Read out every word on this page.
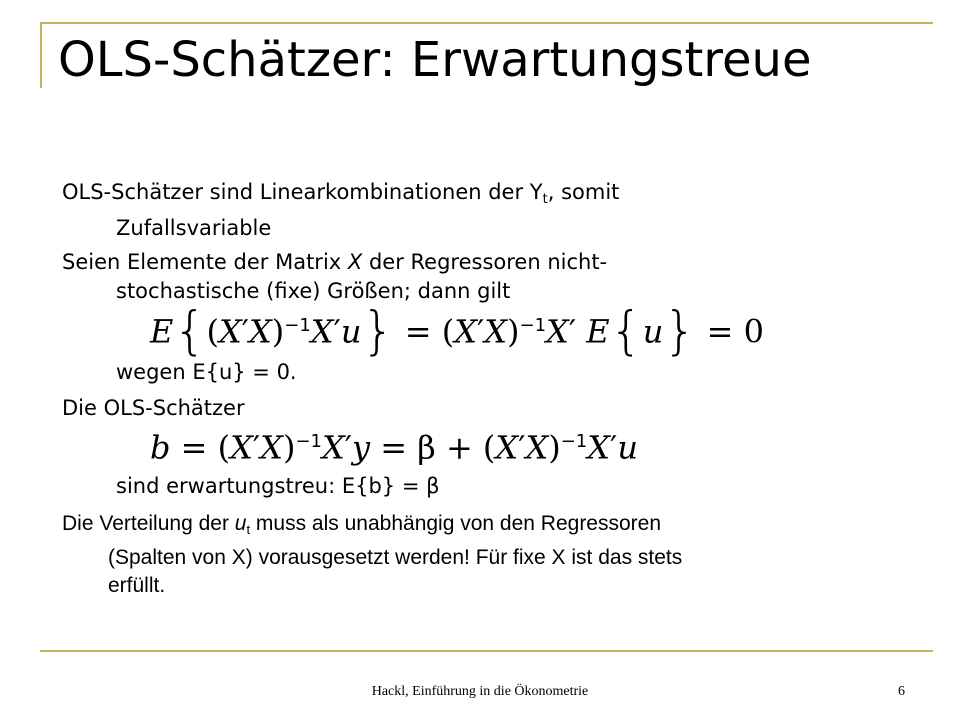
OLS-Schätzer: Erwartungstreue
OLS-Schätzer sind Linearkombinationen der $Y_t$, somit
Zufallsvariable
Seien Elemente der Matrix X der Regressoren nicht-
stochastische (fixe) Größen; dann gilt
$E\{(X'X)^{-1}X'u\} = (X'X)^{-1}X'$ E{u} = 0
wegen E{u} = 0.
Die OLS-Schätzer
$b = (X'X)^{-1}X'y = \beta + (X'X)^{-1}X'u$
sind erwartungstreu: E{b} = β
Die Verteilung der $u_t$ muss als unabhängig von den Regressoren
(Spalten von X) vorausgesetzt werden! Für fixe X ist das stets
erfüllt.
Hackl, Einführung in die Ökonometrie	6
